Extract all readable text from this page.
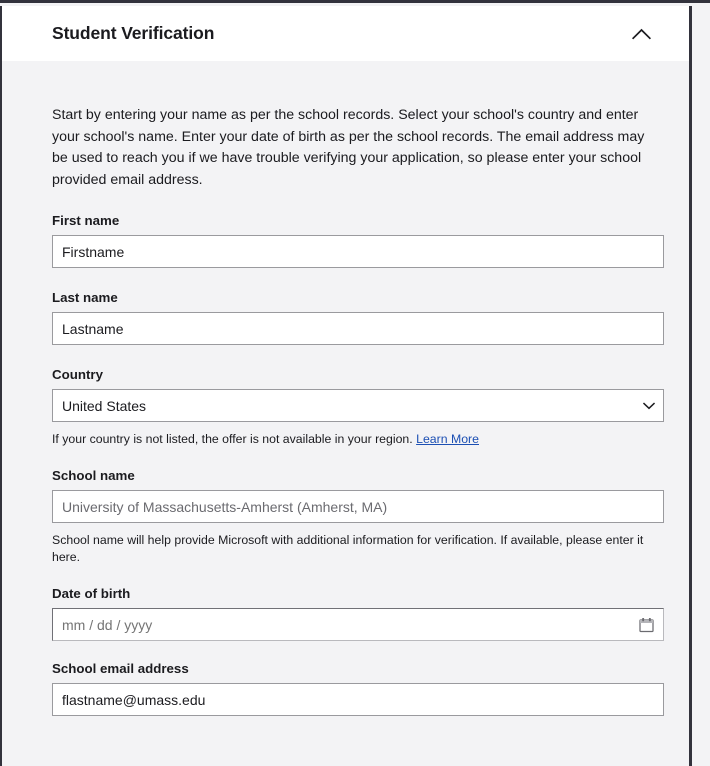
Student Verification

Start by entering your name as per the school records. Select your school's country and enter your school's name. Enter your date of birth as per the school records. The email address may be used to reach you if we have trouble verifying your application, so please enter your school provided email address.

First name
Firstname
Last name
Lastname
Country
United States

If your country is not listed, the offer is not available in your region. Learn More

School name
University of Massachusetts-Amherst (Amherst, MA)

School name will help provide Microsoft with additional information for verification. If available, please enter it here.

Date of birth
mm / dd / yyyy
School email address
flastname@umass.edu
